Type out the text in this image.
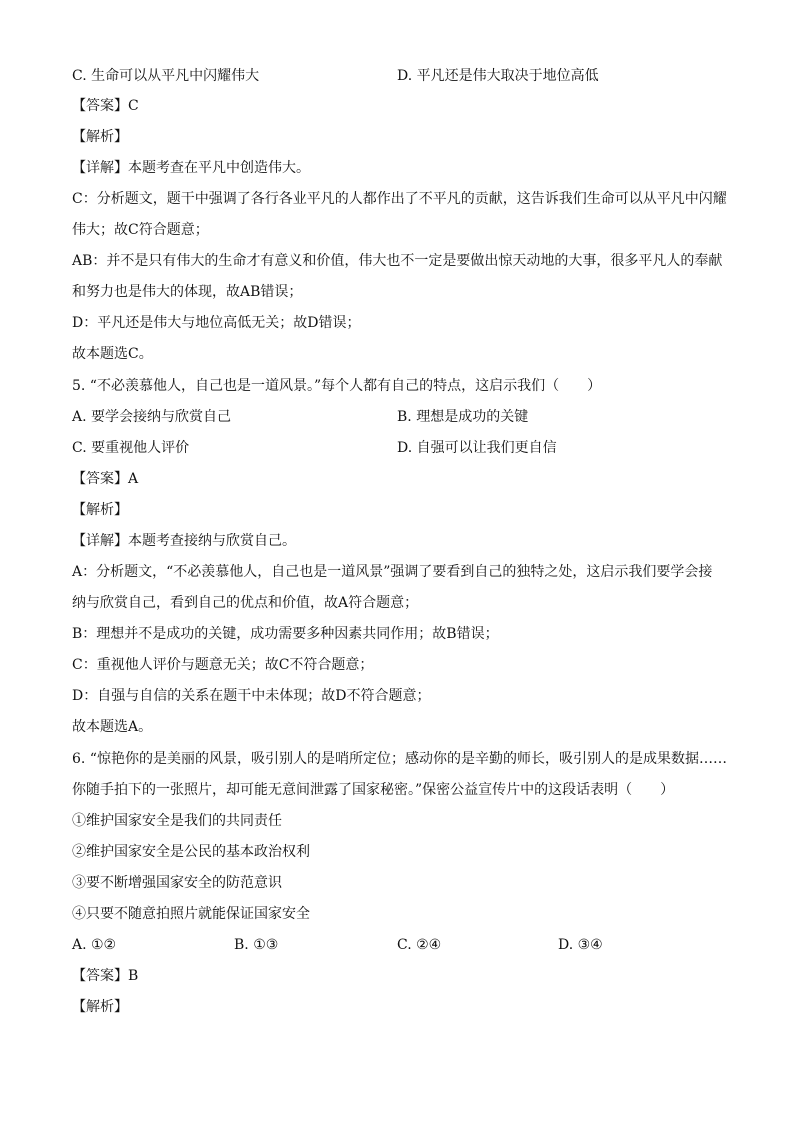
C. 生命可以从平凡中闪耀伟大	D. 平凡还是伟大取决于地位高低
【答案】C
【解析】
【详解】本题考查在平凡中创造伟大。
C：分析题文，题干中强调了各行各业平凡的人都作出了不平凡的贡献，这告诉我们生命可以从平凡中闪耀
伟大；故C符合题意；
AB：并不是只有伟大的生命才有意义和价值，伟大也不一定是要做出惊天动地的大事，很多平凡人的奉献
和努力也是伟大的体现，故AB错误；
D：平凡还是伟大与地位高低无关；故D错误；
故本题选C。
5. “不必羡慕他人，自己也是一道风景。”每个人都有自己的特点，这启示我们（　　）
A. 要学会接纳与欣赏自己	B. 理想是成功的关键
C. 要重视他人评价	D. 自强可以让我们更自信
【答案】A
【解析】
【详解】本题考查接纳与欣赏自己。
A：分析题文，“不必羡慕他人，自己也是一道风景”强调了要看到自己的独特之处，这启示我们要学会接
纳与欣赏自己，看到自己的优点和价值，故A符合题意；
B：理想并不是成功的关键，成功需要多种因素共同作用；故B错误；
C：重视他人评价与题意无关；故C不符合题意；
D：自强与自信的关系在题干中未体现；故D不符合题意；
故本题选A。
6. “惊艳你的是美丽的风景，吸引别人的是哨所定位；感动你的是辛勤的师长，吸引别人的是成果数据……
你随手拍下的一张照片，却可能无意间泄露了国家秘密。”保密公益宣传片中的这段话表明（　　）
①维护国家安全是我们的共同责任
②维护国家安全是公民的基本政治权利
③要不断增强国家安全的防范意识
④只要不随意拍照片就能保证国家安全
A. ①②	B. ①③	C. ②④	D. ③④
【答案】B
【解析】
